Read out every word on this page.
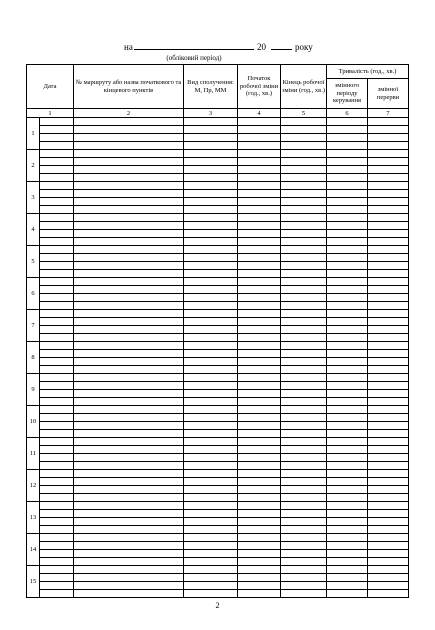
на	20	року
(обліковий період)
Дата		№ маршруту або назва початкового та кінцевого пунктів	Вид сполучення: М, Пр, ММ	Початок робочої зміни (год., хв.)	Кінець робочої зміни (год., хв.)	Тривалість (год., хв.)	
						змінного періоду керування	змінної перерви
1		2	3	4	5	6	7
1							

2							

3							

4							

5							

6							

7							

8							

9							

10							

11							

12							

13							

14							

15							

2
